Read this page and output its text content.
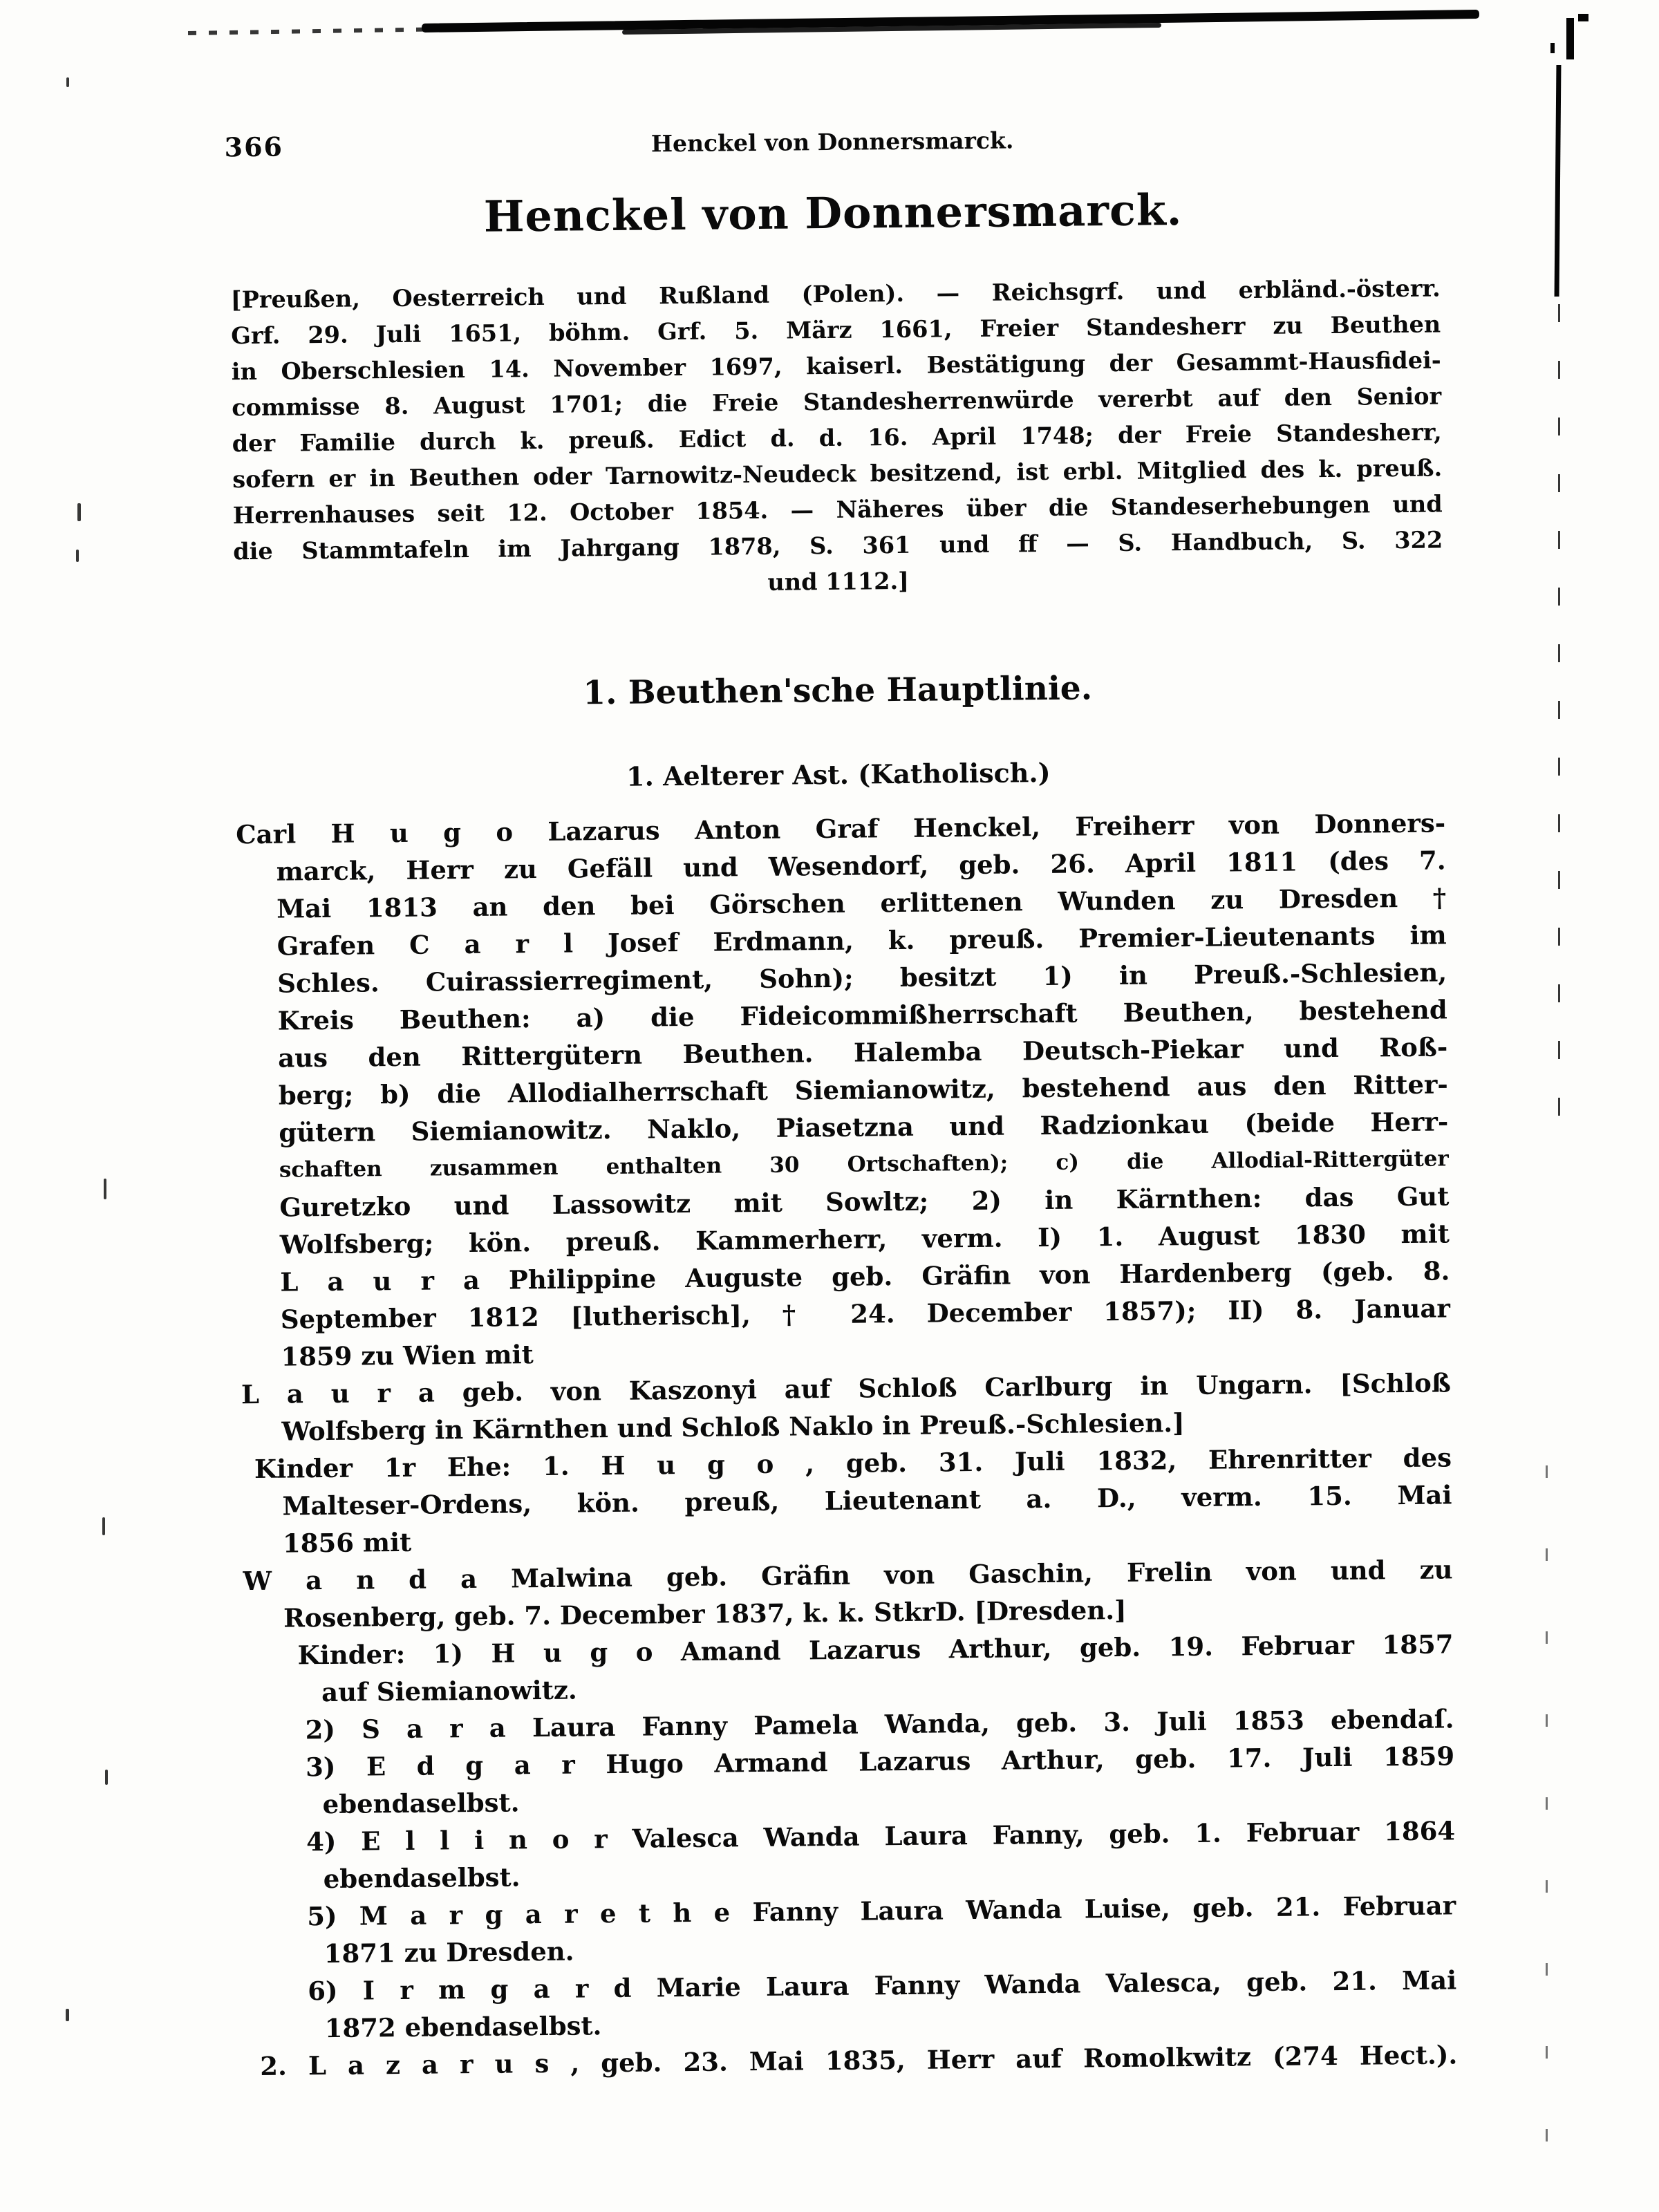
366	Henckel von Donnersmarck.
Henckel von Donnersmarck.
[Preußen, Oesterreich und Rußland (Polen). — Reichsgrf. und erbländ.-österr.
Grf. 29. Juli 1651, böhm. Grf. 5. März 1661, Freier Standesherr zu Beuthen
in Oberschlesien 14. November 1697, kaiserl. Bestätigung der Gesammt-Hausfidei-
commisse 8. August 1701; die Freie Standesherrenwürde vererbt auf den Senior
der Familie durch k. preuß. Edict d. d. 16. April 1748; der Freie Standesherr,
sofern er in Beuthen oder Tarnowitz-Neudeck besitzend, ist erbl. Mitglied des k. preuß.
Herrenhauses seit 12. October 1854. — Näheres über die Standeserhebungen und
die Stammtafeln im Jahrgang 1878, S. 361 und ff — S. Handbuch, S. 322
und 1112.]
1. Beuthen'sche Hauptlinie.
1. Aelterer Ast. (Katholisch.)
Carl H u g o Lazarus Anton Graf Henckel, Freiherr von Donners-
marck, Herr zu Gefäll und Wesendorf, geb. 26. April 1811 (des 7.
Mai 1813 an den bei Görschen erlittenen Wunden zu Dresden †
Grafen C a r l Josef Erdmann, k. preuß. Premier-Lieutenants im
Schles. Cuirassierregiment, Sohn); besitzt 1) in Preuß.-Schlesien,
Kreis Beuthen: a) die Fideicommißherrschaft Beuthen, bestehend
aus den Rittergütern Beuthen. Halemba Deutsch-Piekar und Roß-
berg; b) die Allodialherrschaft Siemianowitz, bestehend aus den Ritter-
gütern Siemianowitz. Naklo, Piasetzna und Radzionkau (beide Herr-
schaften zusammen enthalten 30 Ortschaften); c) die Allodial-Rittergüter
Guretzko und Lassowitz mit Sowltz; 2) in Kärnthen: das Gut
Wolfsberg; kön. preuß. Kammerherr, verm. I) 1. August 1830 mit
L a u r a Philippine Auguste geb. Gräfin von Hardenberg (geb. 8.
September 1812 [lutherisch], † 24. December 1857); II) 8. Januar
1859 zu Wien mit
L a u r a geb. von Kaszonyi auf Schloß Carlburg in Ungarn. [Schloß
Wolfsberg in Kärnthen und Schloß Naklo in Preuß.-Schlesien.]
Kinder 1r Ehe: 1. H u g o , geb. 31. Juli 1832, Ehrenritter des
Malteser-Ordens, kön. preuß, Lieutenant a. D., verm. 15. Mai
1856 mit
W a n d a Malwina geb. Gräfin von Gaschin, Frelin von und zu
Rosenberg, geb. 7. December 1837, k. k. StkrD. [Dresden.]
Kinder: 1) H u g o Amand Lazarus Arthur, geb. 19. Februar 1857
auf Siemianowitz.
2) S a r a Laura Fanny Pamela Wanda, geb. 3. Juli 1853 ebendaſ.
3) E d g a r Hugo Armand Lazarus Arthur, geb. 17. Juli 1859
ebendaselbst.
4) E l l i n o r Valesca Wanda Laura Fanny, geb. 1. Februar 1864
ebendaselbst.
5) M a r g a r e t h e Fanny Laura Wanda Luise, geb. 21. Februar
1871 zu Dresden.
6) I r m g a r d Marie Laura Fanny Wanda Valesca, geb. 21. Mai
1872 ebendaselbst.
2. L a z a r u s , geb. 23. Mai 1835, Herr auf Romolkwitz (274 Hect.).
